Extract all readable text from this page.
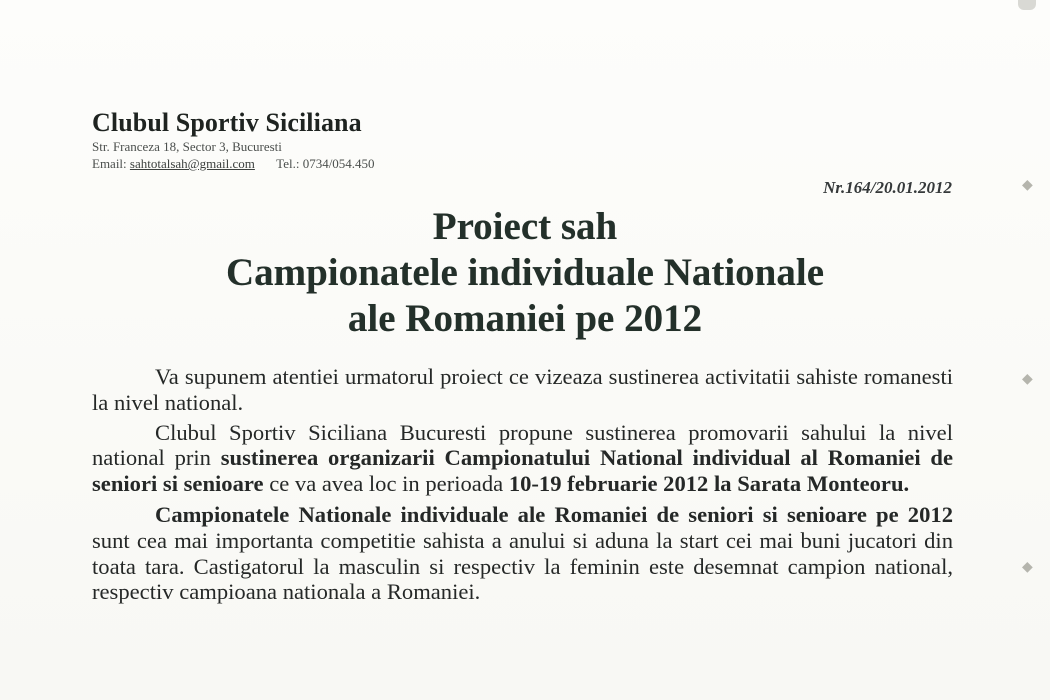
◆
◆
◆
Clubul Sportiv Siciliana
Str. Franceza 18, Sector 3, Bucuresti
Email: sahtotalsah@gmail.com Tel.: 0734/054.450
Nr.164/20.01.2012
Proiect sah
Campionatele individuale Nationale
ale Romaniei pe 2012

Va supunem atentiei urmatorul proiect ce vizeaza sustinerea activitatii sahiste romanesti la nivel national.

Clubul Sportiv Siciliana Bucuresti propune sustinerea promovarii sahului la nivel national prin sustinerea organizarii Campionatului National individual al Romaniei de seniori si senioare ce va avea loc in perioada 10-19 februarie 2012 la Sarata Monteoru.

Campionatele Nationale individuale ale Romaniei de seniori si senioare pe 2012 sunt cea mai importanta competitie sahista a anului si aduna la start cei mai buni jucatori din toata tara. Castigatorul la masculin si respectiv la feminin este desemnat campion national, respectiv campioana nationala a Romaniei.
